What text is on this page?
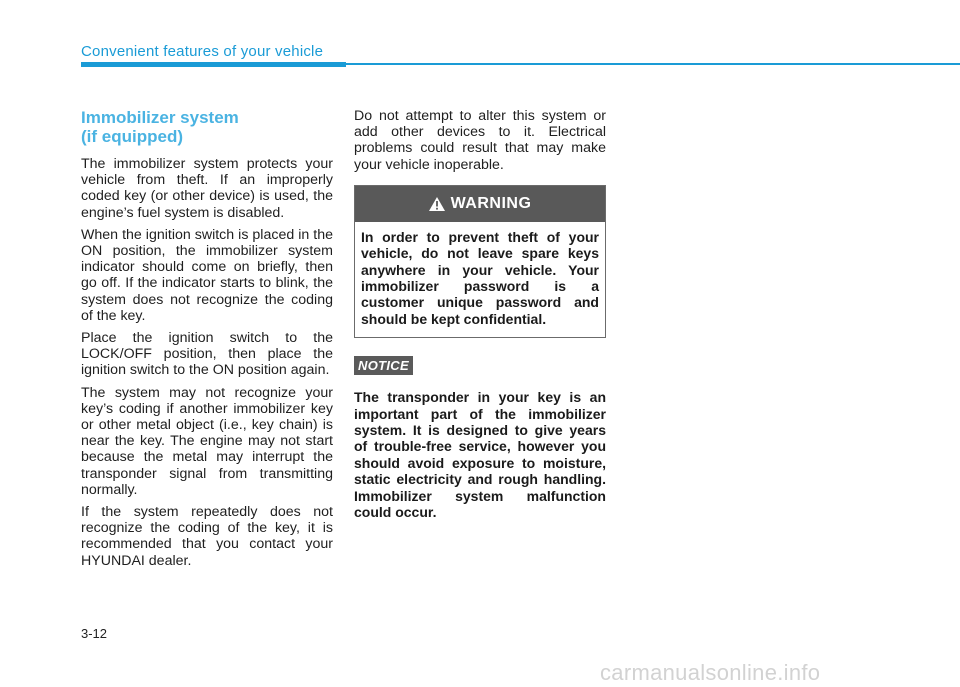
Convenient features of your vehicle
Immobilizer system
(if equipped)

The immobilizer system protects your vehicle from theft. If an improperly coded key (or other device) is used, the engine’s fuel system is disabled.

When the ignition switch is placed in the ON position, the immobilizer system indicator should come on briefly, then go off. If the indicator starts to blink, the system does not recognize the coding of the key.

Place the ignition switch to the LOCK/OFF position, then place the ignition switch to the ON position again.

The system may not recognize your key’s coding if another immobilizer key or other metal object (i.e., key chain) is near the key. The engine may not start because the metal may interrupt the transponder signal from transmitting normally.

If the system repeatedly does not recognize the coding of the key, it is recommended that you contact your HYUNDAI dealer.

Do not attempt to alter this system or add other devices to it. Electrical problems could result that may make your vehicle inoperable.

WARNING
In order to prevent theft of your vehicle, do not leave spare keys anywhere in your vehicle. Your immobilizer password is a customer unique password and should be kept confidential.
NOTICE
The transponder in your key is an important part of the immobilizer system. It is designed to give years of trouble-free service, however you should avoid exposure to moisture, static electricity and rough handling. Immobilizer system malfunction could occur.
3-12
carmanualsonline.info
